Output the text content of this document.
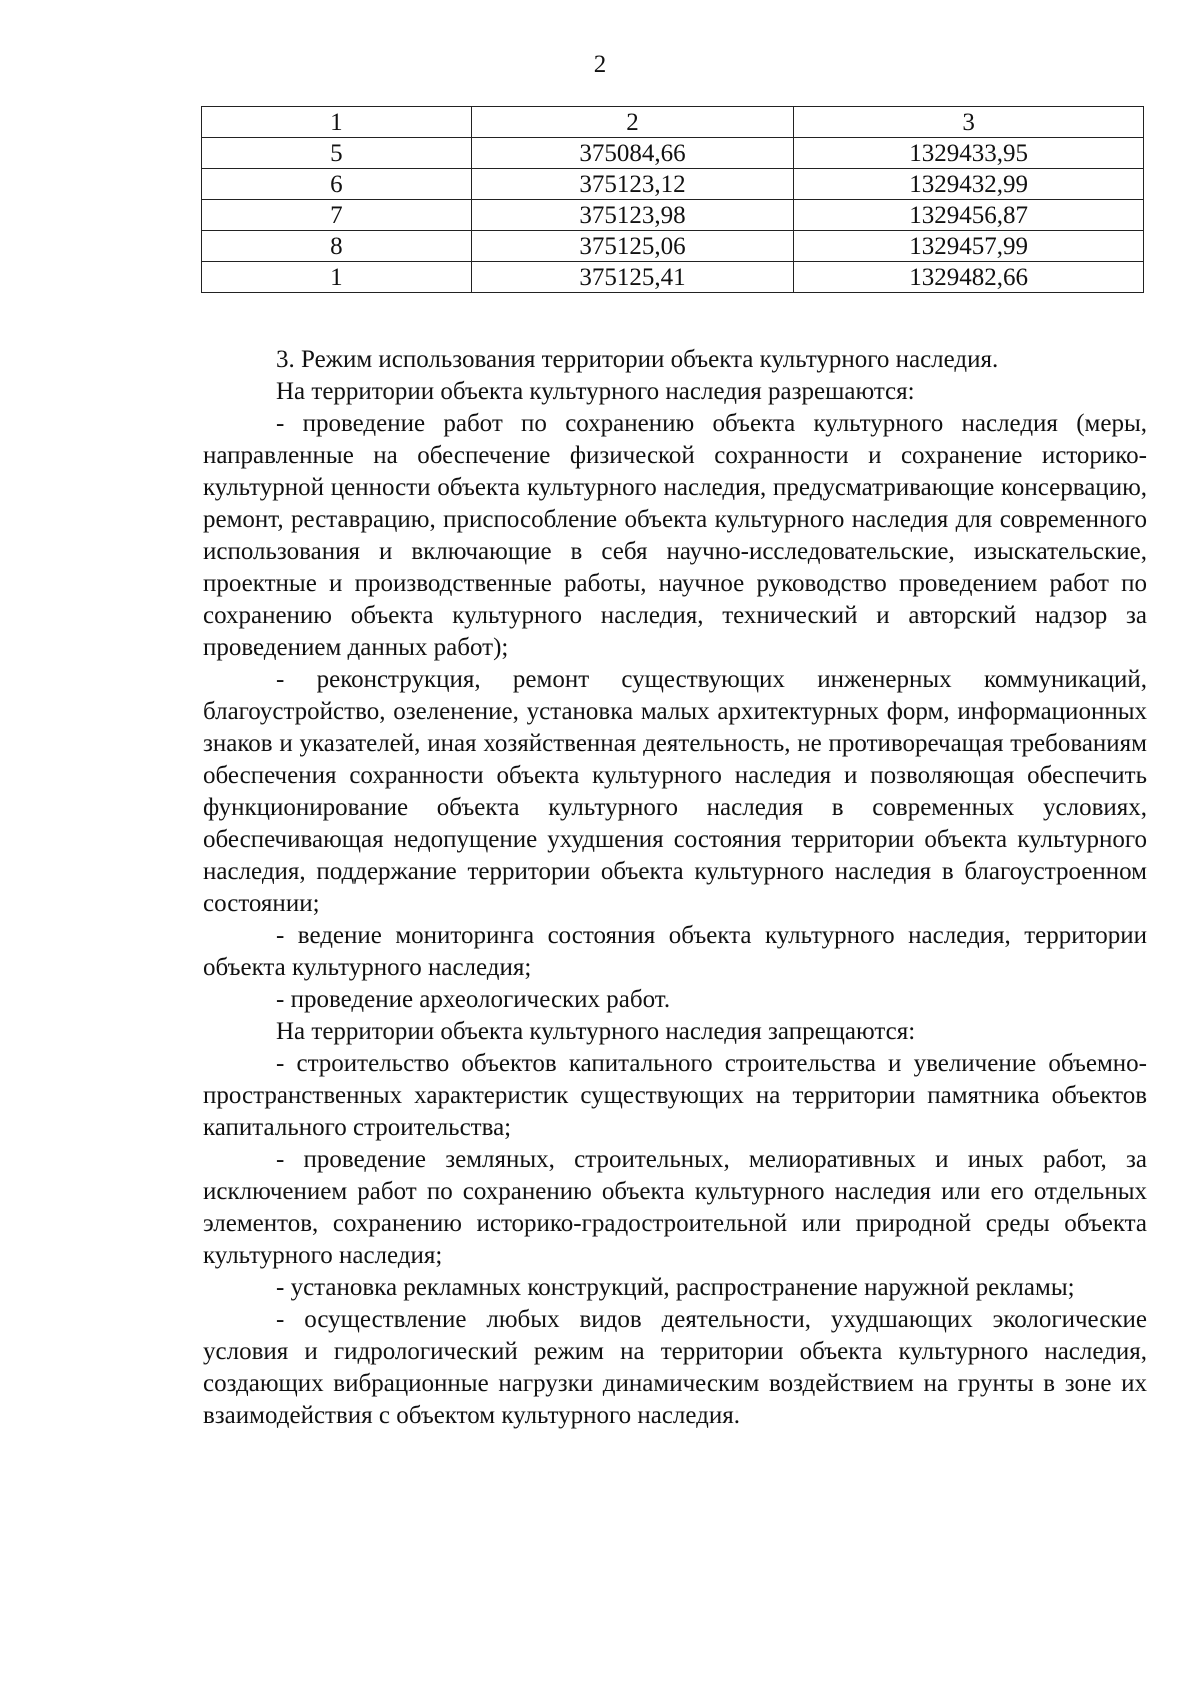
2
1	2	3
5	375084,66	1329433,95
6	375123,12	1329432,99
7	375123,98	1329456,87
8	375125,06	1329457,99
1	375125,41	1329482,66

3. Режим использования территории объекта культурного наследия.

На территории объекта культурного наследия разрешаются:

- проведение работ по сохранению объекта культурного наследия (меры, направленные на обеспечение физической сохранности и сохранение историко-культурной ценности объекта культурного наследия, предусматривающие консервацию, ремонт, реставрацию, приспособление объекта культурного наследия для современного использования и включающие в себя научно-исследовательские, изыскательские, проектные и производственные работы, научное руководство проведением работ по сохранению объекта культурного наследия, технический и авторский надзор за проведением данных работ);

- реконструкция, ремонт существующих инженерных коммуникаций, благоустройство, озеленение, установка малых архитектурных форм, информационных знаков и указателей, иная хозяйственная деятельность, не противоречащая требованиям обеспечения сохранности объекта культурного наследия и позволяющая обеспечить функционирование объекта культурного наследия в современных условиях, обеспечивающая недопущение ухудшения состояния территории объекта культурного наследия, поддержание территории объекта культурного наследия в благоустроенном состоянии;

- ведение мониторинга состояния объекта культурного наследия, территории объекта культурного наследия;

- проведение археологических работ.

На территории объекта культурного наследия запрещаются:

- строительство объектов капитального строительства и увеличение объемно-пространственных характеристик существующих на территории памятника объектов капитального строительства;

- проведение земляных, строительных, мелиоративных и иных работ, за исключением работ по сохранению объекта культурного наследия или его отдельных элементов, сохранению историко-градостроительной или природной среды объекта культурного наследия;

- установка рекламных конструкций, распространение наружной рекламы;

- осуществление любых видов деятельности, ухудшающих экологические условия и гидрологический режим на территории объекта культурного наследия, создающих вибрационные нагрузки динамическим воздействием на грунты в зоне их взаимодействия с объектом культурного наследия.
